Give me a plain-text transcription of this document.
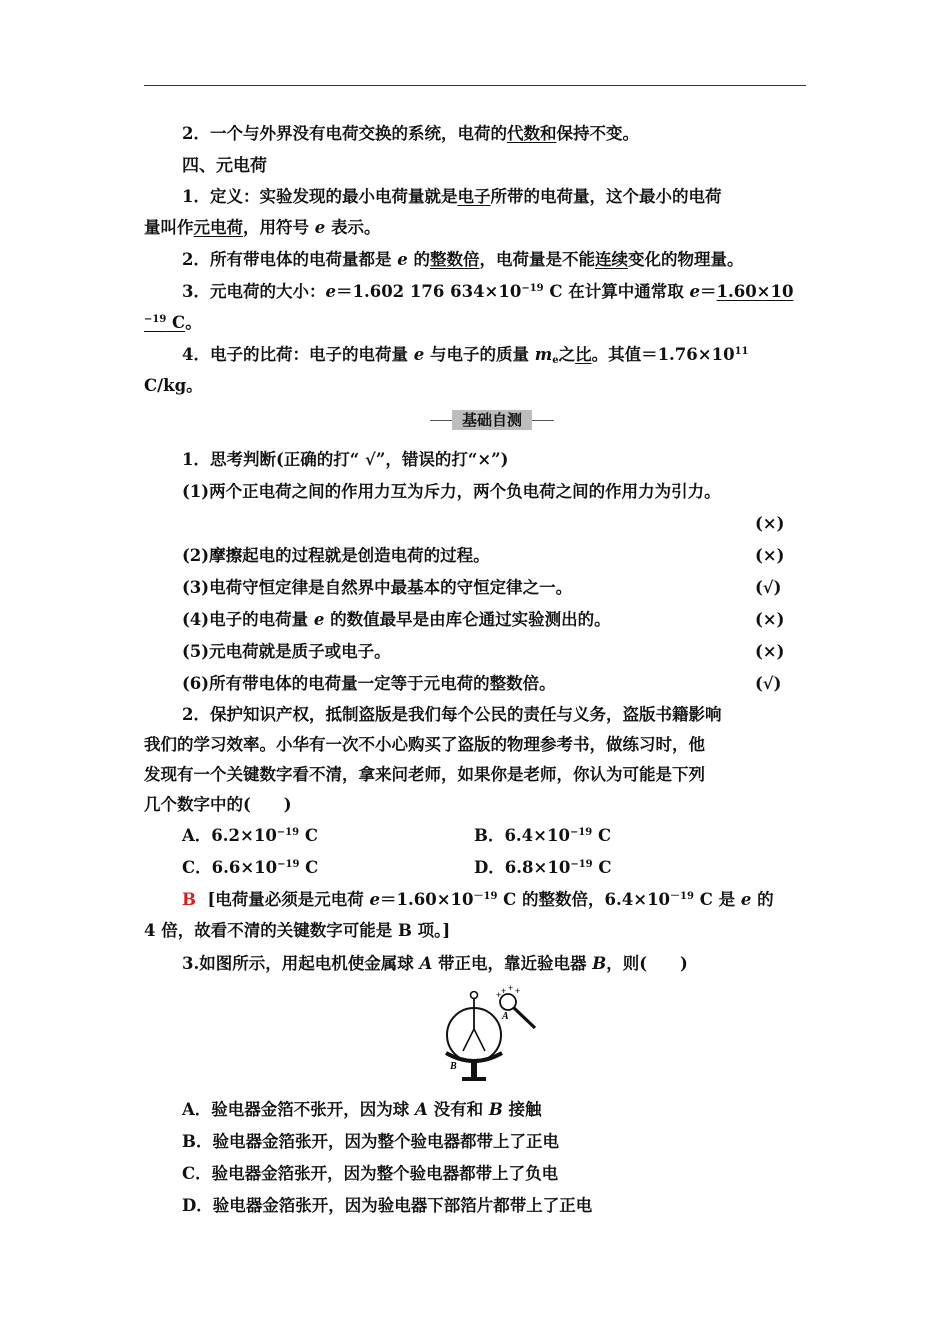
2．一个与外界没有电荷交换的系统，电荷的代数和保持不变。
四、元电荷
1．定义：实验发现的最小电荷量就是电子所带的电荷量，这个最小的电荷
量叫作元电荷，用符号 e 表示。
2．所有带电体的电荷量都是 e 的整数倍，电荷量是不能连续变化的物理量。
3．元电荷的大小：e＝1.602 176 $634\times 10^{-19}$ C 在计算中通常取 e＝1.60×10
$^{-19}$ C。
4．电子的比荷：电子的电荷量 e 与电子的质量 $m_e$之比。其值$=1.76\times 10^{11}$
C/kg。
基础自测
1．思考判断(正确的打“ √”，错误的打“×”)
(1)两个正电荷之间的作用力互为斥力，两个负电荷之间的作用力为引力。
(×)
(2)摩擦起电的过程就是创造电荷的过程。	(×)
(3)电荷守恒定律是自然界中最基本的守恒定律之一。	(√)
(4)电子的电荷量 e 的数值最早是由库仑通过实验测出的。	(×)
(5)元电荷就是质子或电子。	(×)
(6)所有带电体的电荷量一定等于元电荷的整数倍。	(√)
2．保护知识产权，抵制盗版是我们每个公民的责任与义务，盗版书籍影响
我们的学习效率。小华有一次不小心购买了盗版的物理参考书，做练习时，他
发现有一个关键数字看不清，拿来问老师，如果你是老师，你认为可能是下列
几个数字中的(　　)
A．$6.2\times 10^{-19}$ C	B．$6.4\times 10^{-19}$ C
C．$6.6\times 10^{-19}$ C	D．$6.8\times 10^{-19}$ C
B [电荷量必须是元电荷 $e=1.60\times 10^{-19}$ C 的整数倍，$6.4\times 10^{-19}$ C 是 e 的
4 倍，故看不清的关键数字可能是 B 项。]
3.如图所示，用起电机使金属球 A 带正电，靠近验电器 B，则(　　)
B
+ + +
+
A
A．验电器金箔不张开，因为球 A 没有和 B 接触
B．验电器金箔张开，因为整个验电器都带上了正电
C．验电器金箔张开，因为整个验电器都带上了负电
D．验电器金箔张开，因为验电器下部箔片都带上了正电
